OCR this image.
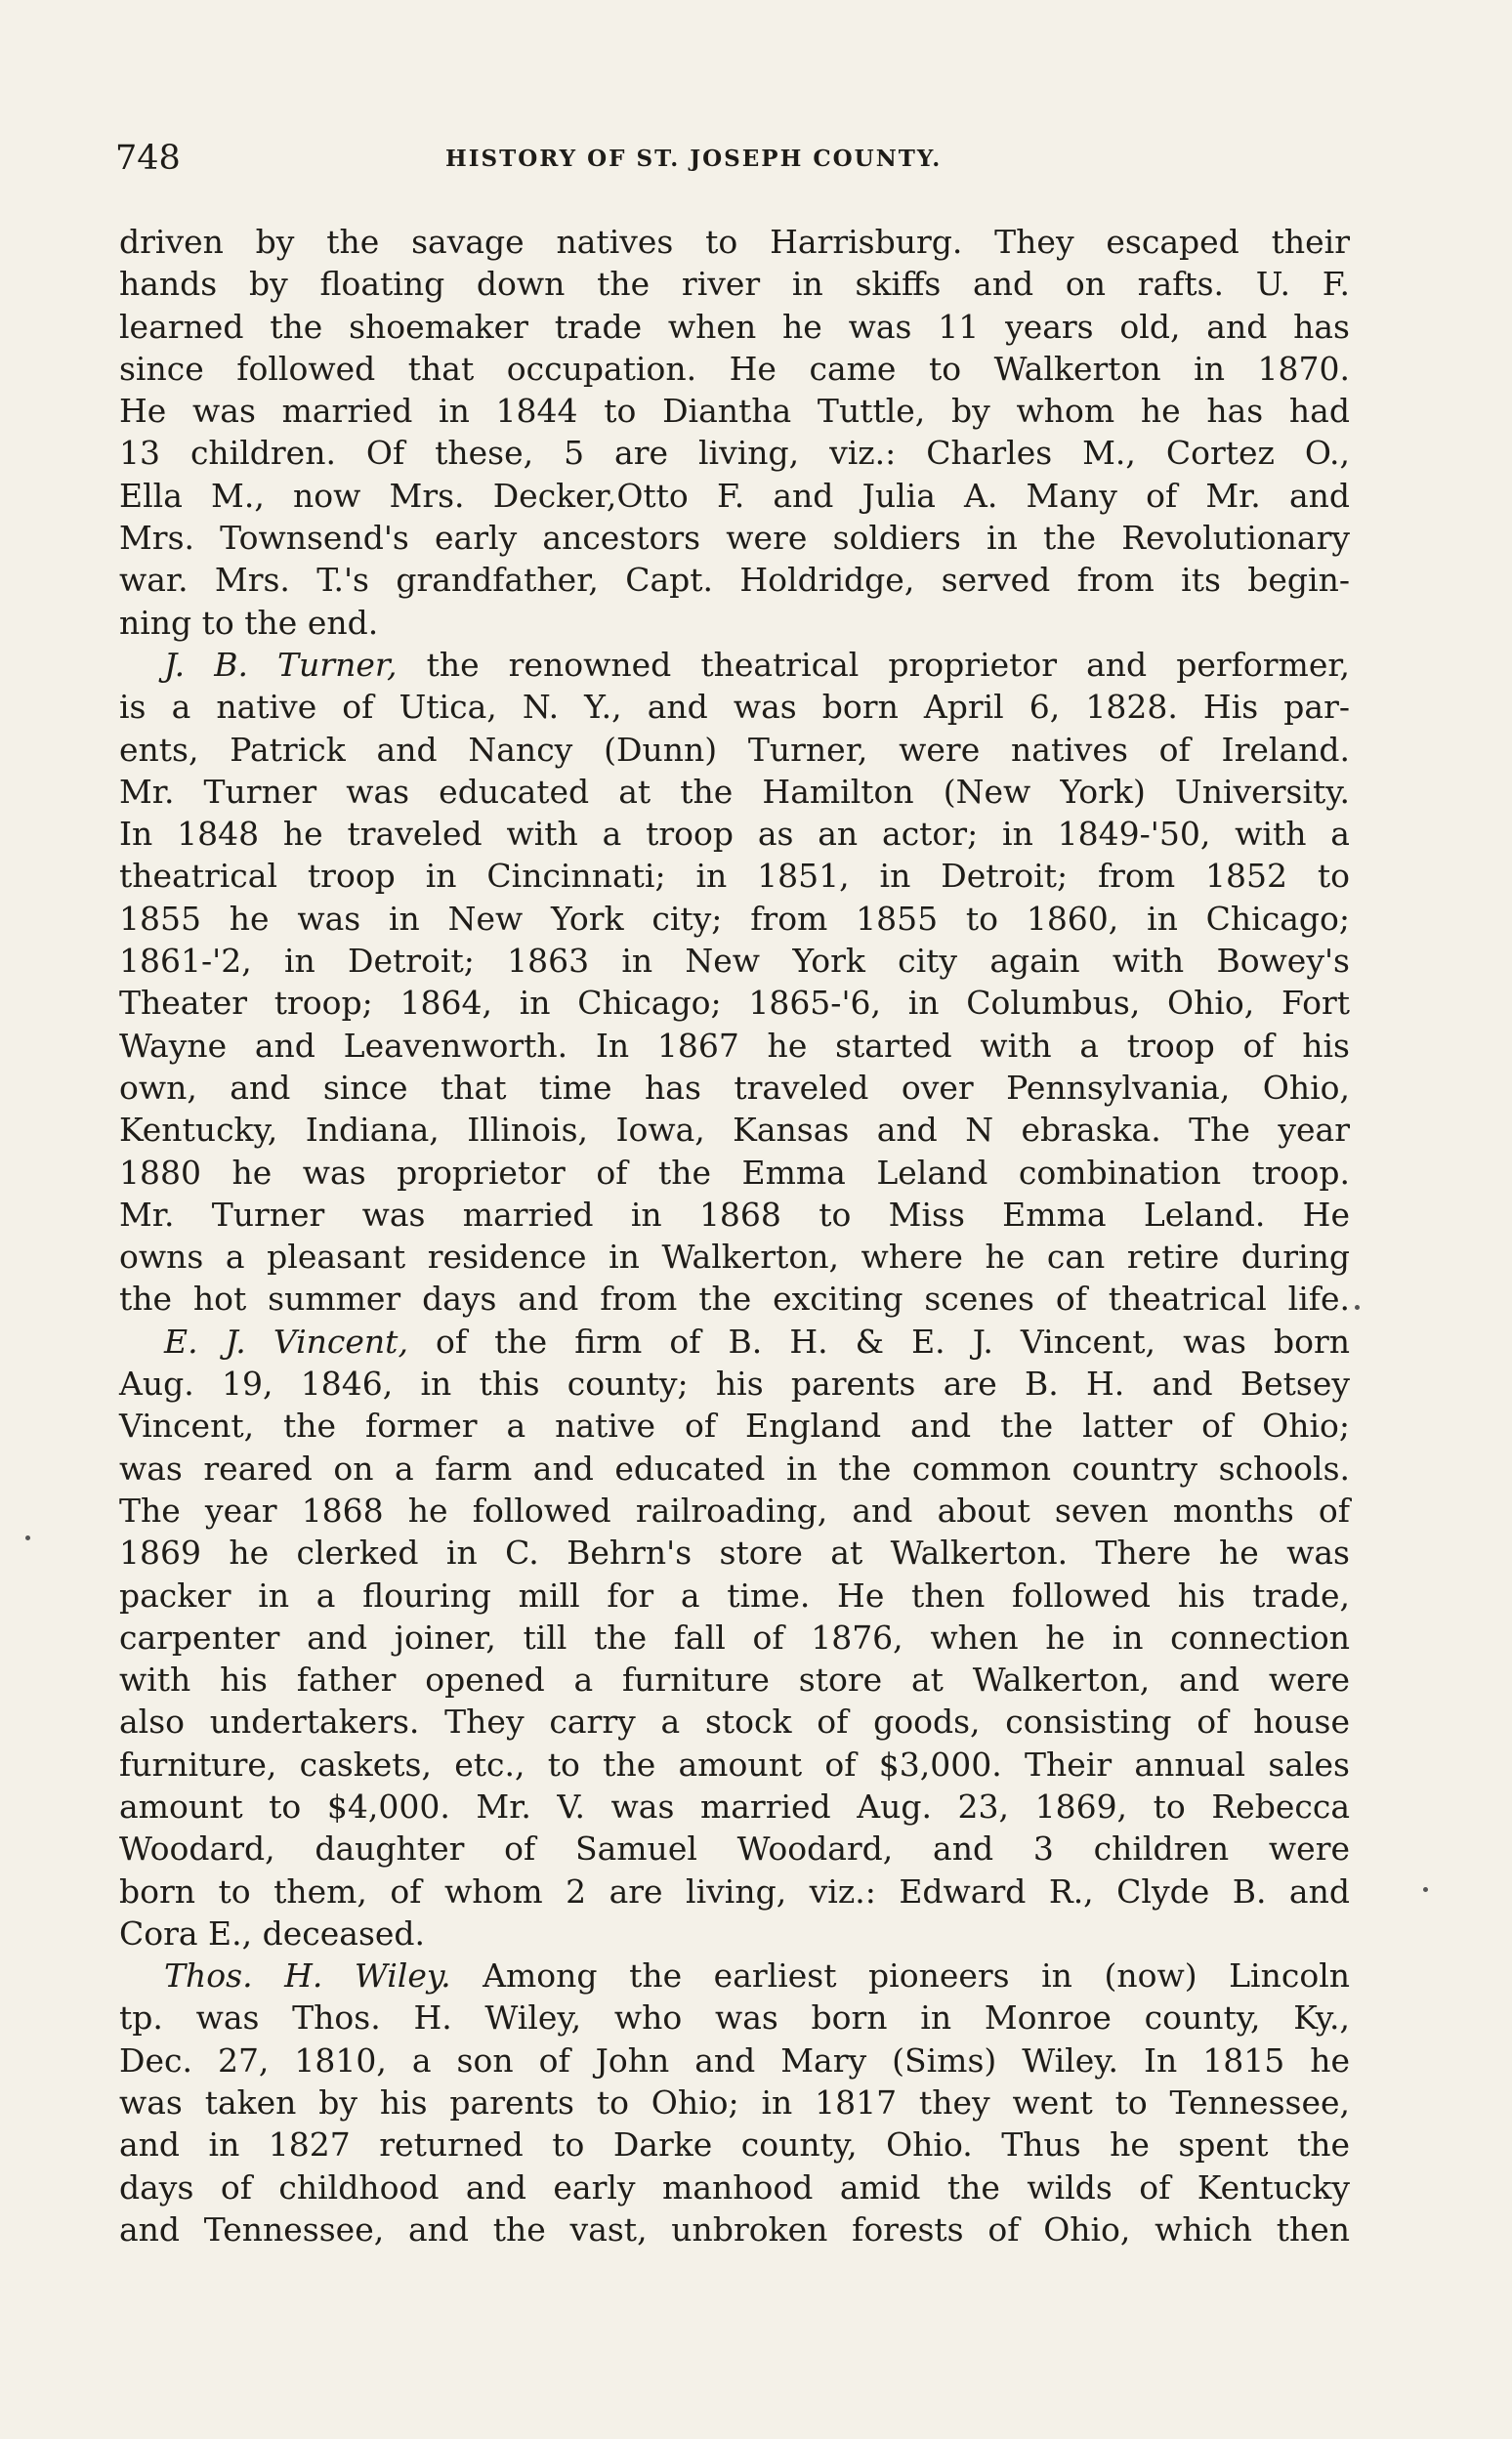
748	HISTORY OF ST. JOSEPH COUNTY.
driven by the savage natives to Harrisburg. They escaped their
hands by floating down the river in skiffs and on rafts. U. F.
learned the shoemaker trade when he was 11 years old, and has
since followed that occupation. He came to Walkerton in 1870.
He was married in 1844 to Diantha Tuttle, by whom he has had
13 children. Of these, 5 are living, viz.: Charles M., Cortez O.,
Ella M., now Mrs. Decker,Otto F. and Julia A. Many of Mr. and
Mrs. Townsend's early ancestors were soldiers in the Revolutionary
war. Mrs. T.'s grandfather, Capt. Holdridge, served from its begin-
ning to the end.
J. B. Turner, the renowned theatrical proprietor and performer,
is a native of Utica, N. Y., and was born April 6, 1828. His par-
ents, Patrick and Nancy (Dunn) Turner, were natives of Ireland.
Mr. Turner was educated at the Hamilton (New York) University.
In 1848 he traveled with a troop as an actor; in 1849-'50, with a
theatrical troop in Cincinnati; in 1851, in Detroit; from 1852 to
1855 he was in New York city; from 1855 to 1860, in Chicago;
1861-'2, in Detroit; 1863 in New York city again with Bowey's
Theater troop; 1864, in Chicago; 1865-'6, in Columbus, Ohio, Fort
Wayne and Leavenworth. In 1867 he started with a troop of his
own, and since that time has traveled over Pennsylvania, Ohio,
Kentucky, Indiana, Illinois, Iowa, Kansas and N ebraska. The year
1880 he was proprietor of the Emma Leland combination troop.
Mr. Turner was married in 1868 to Miss Emma Leland. He
owns a pleasant residence in Walkerton, where he can retire during
the hot summer days and from the exciting scenes of theatrical life.
E. J. Vincent, of the firm of B. H. & E. J. Vincent, was born
Aug. 19, 1846, in this county; his parents are B. H. and Betsey
Vincent, the former a native of England and the latter of Ohio;
was reared on a farm and educated in the common country schools.
The year 1868 he followed railroading, and about seven months of
1869 he clerked in C. Behrn's store at Walkerton. There he was
packer in a flouring mill for a time. He then followed his trade,
carpenter and joiner, till the fall of 1876, when he in connection
with his father opened a furniture store at Walkerton, and were
also undertakers. They carry a stock of goods, consisting of house
furniture, caskets, etc., to the amount of $3,000. Their annual sales
amount to $4,000. Mr. V. was married Aug. 23, 1869, to Rebecca
Woodard, daughter of Samuel Woodard, and 3 children were
born to them, of whom 2 are living, viz.: Edward R., Clyde B. and
Cora E., deceased.
Thos. H. Wiley. Among the earliest pioneers in (now) Lincoln
tp. was Thos. H. Wiley, who was born in Monroe county, Ky.,
Dec. 27, 1810, a son of John and Mary (Sims) Wiley. In 1815 he
was taken by his parents to Ohio; in 1817 they went to Tennessee,
and in 1827 returned to Darke county, Ohio. Thus he spent the
days of childhood and early manhood amid the wilds of Kentucky
and Tennessee, and the vast, unbroken forests of Ohio, which then
